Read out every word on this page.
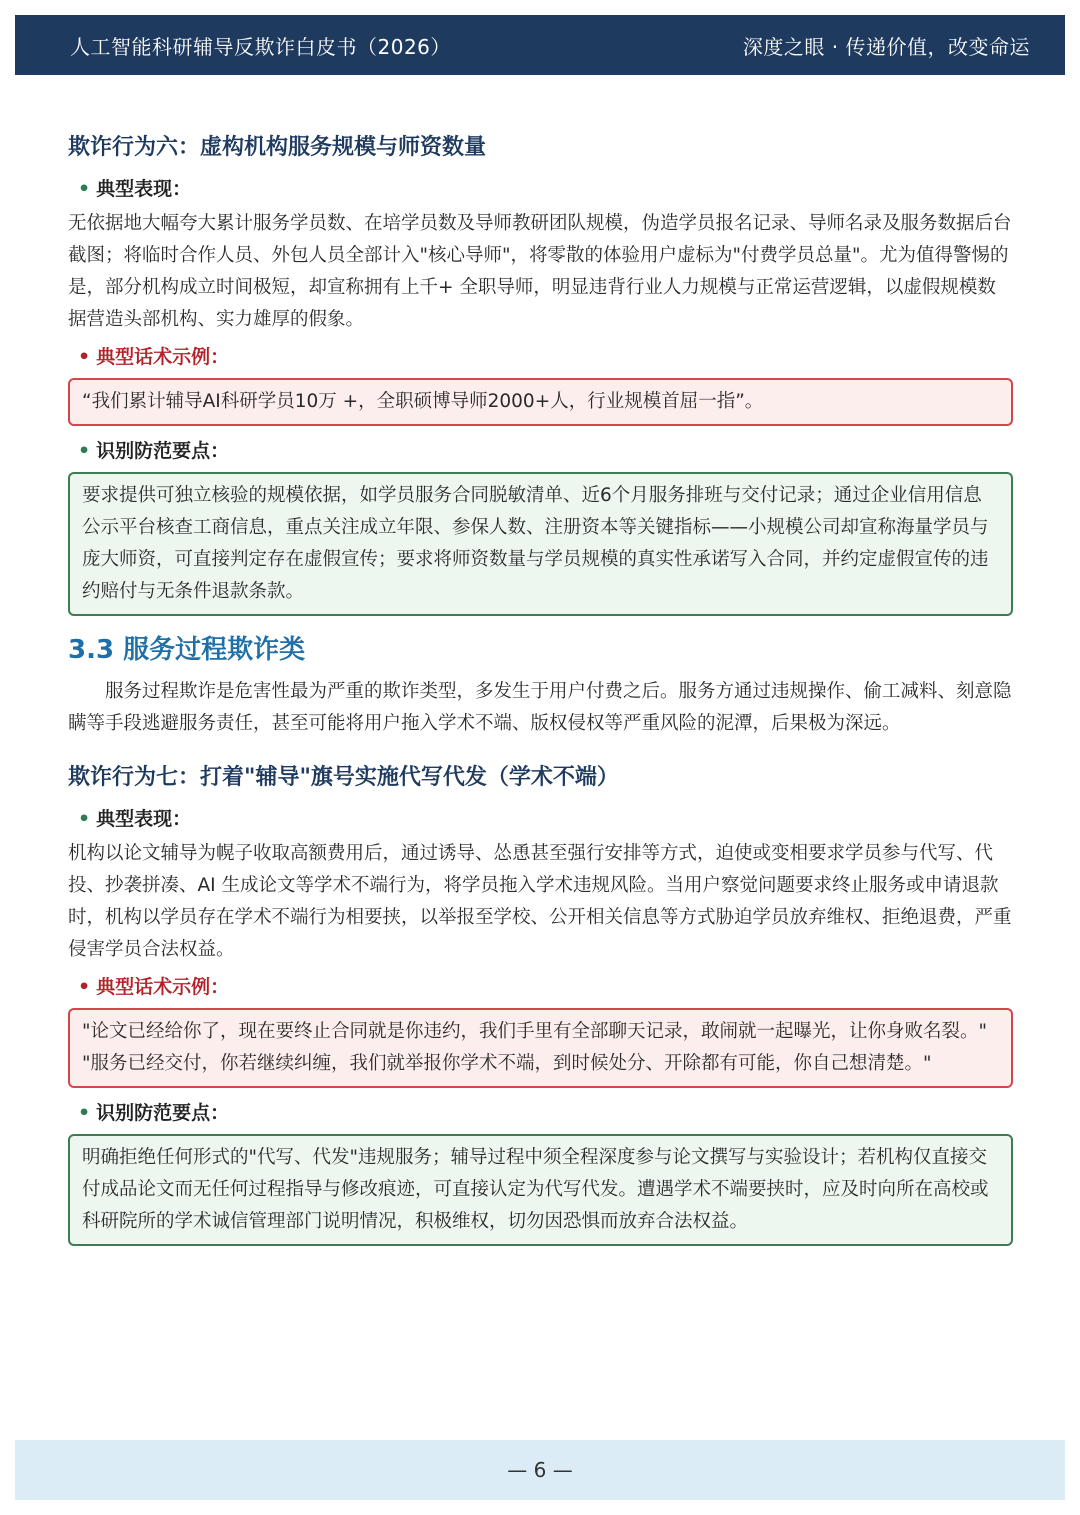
人工智能科研辅导反欺诈白皮书（2026）	深度之眼 · 传递价值，改变命运
欺诈行为六：虚构机构服务规模与师资数量
• 典型表现：

无依据地大幅夸大累计服务学员数、在培学员数及导师教研团队规模，伪造学员报名记录、导师名录及服务数据后台截图；将临时合作人员、外包人员全部计入"核心导师"，将零散的体验用户虚标为"付费学员总量"。尤为值得警惕的是，部分机构成立时间极短，却宣称拥有上千+ 全职导师，明显违背行业人力规模与正常运营逻辑，以虚假规模数据营造头部机构、实力雄厚的假象。

• 典型话术示例：
“我们累计辅导AI科研学员10万 +，全职硕博导师2000+人，行业规模首屈一指”。
• 识别防范要点：
要求提供可独立核验的规模依据，如学员服务合同脱敏清单、近6个月服务排班与交付记录；通过企业信用信息公示平台核查工商信息，重点关注成立年限、参保人数、注册资本等关键指标——小规模公司却宣称海量学员与庞大师资，可直接判定存在虚假宣传；要求将师资数量与学员规模的真实性承诺写入合同，并约定虚假宣传的违约赔付与无条件退款条款。
3.3 服务过程欺诈类

服务过程欺诈是危害性最为严重的欺诈类型，多发生于用户付费之后。服务方通过违规操作、偷工减料、刻意隐瞒等手段逃避服务责任，甚至可能将用户拖入学术不端、版权侵权等严重风险的泥潭，后果极为深远。

欺诈行为七：打着"辅导"旗号实施代写代发（学术不端）
• 典型表现：

机构以论文辅导为幌子收取高额费用后，通过诱导、怂恿甚至强行安排等方式，迫使或变相要求学员参与代写、代投、抄袭拼凑、AI 生成论文等学术不端行为，将学员拖入学术违规风险。当用户察觉问题要求终止服务或申请退款时，机构以学员存在学术不端行为相要挟，以举报至学校、公开相关信息等方式胁迫学员放弃维权、拒绝退费，严重侵害学员合法权益。

• 典型话术示例：
"论文已经给你了，现在要终止合同就是你违约，我们手里有全部聊天记录，敢闹就一起曝光，让你身败名裂。"
"服务已经交付，你若继续纠缠，我们就举报你学术不端，到时候处分、开除都有可能，你自己想清楚。"
• 识别防范要点：
明确拒绝任何形式的"代写、代发"违规服务；辅导过程中须全程深度参与论文撰写与实验设计；若机构仅直接交付成品论文而无任何过程指导与修改痕迹，可直接认定为代写代发。遭遇学术不端要挟时，应及时向所在高校或科研院所的学术诚信管理部门说明情况，积极维权，切勿因恐惧而放弃合法权益。
— 6 —
